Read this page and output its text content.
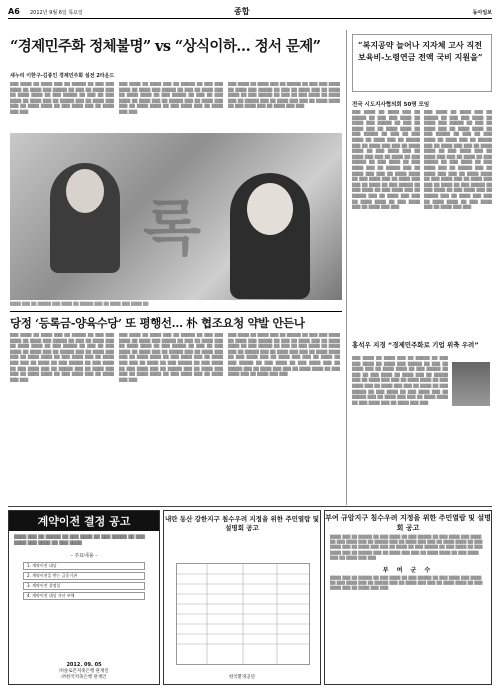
A6 2012년 9월 6일 목요일	종합	동아일보
“경제민주화 정체불명” vs “상식이하… 정서 문제”
새누리 이한구-김종인 경제민주화 설전 2라운드
▒▒▒ ▒▒▒▒ ▒▒ ▒▒▒▒ ▒▒▒ ▒▒ ▒▒▒▒▒ ▒▒ ▒▒▒ ▒▒▒ ▒▒▒▒ ▒▒ ▒▒▒▒ ▒▒▒ ▒▒▒▒▒ ▒▒ ▒▒▒ ▒▒ ▒▒▒▒ ▒▒▒ ▒▒ ▒▒▒▒ ▒▒▒▒ ▒▒ ▒▒▒ ▒▒▒▒▒ ▒▒ ▒▒▒ ▒▒ ▒▒▒ ▒▒▒▒ ▒▒ ▒▒▒▒ ▒▒▒ ▒▒ ▒▒▒▒▒ ▒▒▒ ▒▒ ▒▒▒▒ ▒▒▒ ▒▒▒ ▒▒ ▒▒▒▒ ▒▒▒▒ ▒▒ ▒▒▒ ▒▒▒▒ ▒▒▒ ▒▒ ▒▒▒▒ ▒▒▒ ▒▒▒
▒▒▒ ▒▒▒▒ ▒▒ ▒▒▒▒ ▒▒▒ ▒▒ ▒▒▒▒▒ ▒▒ ▒▒▒ ▒▒▒ ▒▒▒▒ ▒▒ ▒▒▒▒ ▒▒▒ ▒▒▒▒▒ ▒▒ ▒▒▒ ▒▒ ▒▒▒▒ ▒▒▒ ▒▒ ▒▒▒▒ ▒▒▒▒ ▒▒ ▒▒▒ ▒▒▒▒▒ ▒▒ ▒▒▒ ▒▒ ▒▒▒ ▒▒▒▒ ▒▒ ▒▒▒▒ ▒▒▒ ▒▒ ▒▒▒▒▒ ▒▒▒ ▒▒ ▒▒▒▒ ▒▒▒ ▒▒▒ ▒▒ ▒▒▒▒ ▒▒▒▒ ▒▒ ▒▒▒ ▒▒▒▒ ▒▒▒ ▒▒ ▒▒▒▒ ▒▒▒ ▒▒▒
▒▒▒ ▒▒▒▒ ▒▒ ▒▒▒▒ ▒▒▒ ▒▒ ▒▒▒▒▒ ▒▒ ▒▒▒ ▒▒▒ ▒▒▒▒ ▒▒ ▒▒▒▒ ▒▒▒ ▒▒▒▒▒ ▒▒ ▒▒▒ ▒▒ ▒▒▒▒ ▒▒▒ ▒▒ ▒▒▒▒ ▒▒▒▒ ▒▒ ▒▒▒ ▒▒▒▒▒ ▒▒ ▒▒▒ ▒▒ ▒▒▒ ▒▒▒▒ ▒▒ ▒▒▒▒ ▒▒▒ ▒▒ ▒▒▒▒▒ ▒▒▒ ▒▒ ▒▒▒▒ ▒▒▒ ▒▒▒ ▒▒ ▒▒▒▒ ▒▒▒▒ ▒▒ ▒▒▒ ▒▒▒▒ ▒▒▒ ▒▒ ▒▒▒▒ ▒▒▒ ▒▒▒
“복지공약 늘어나 지자체 고사 직전 보육비-노령연금 전액 국비 지원을”
전국 시도지사협의회 50명 모임
▒▒▒ ▒▒▒▒ ▒▒ ▒▒▒▒ ▒▒▒ ▒▒ ▒▒▒▒▒ ▒▒ ▒▒▒ ▒▒▒ ▒▒▒▒ ▒▒ ▒▒▒▒ ▒▒▒ ▒▒▒▒▒ ▒▒ ▒▒▒ ▒▒ ▒▒▒▒ ▒▒▒ ▒▒ ▒▒▒▒ ▒▒▒▒ ▒▒ ▒▒▒ ▒▒▒▒▒ ▒▒ ▒▒▒ ▒▒ ▒▒▒ ▒▒▒▒ ▒▒ ▒▒▒▒ ▒▒▒ ▒▒ ▒▒▒▒▒ ▒▒▒ ▒▒ ▒▒▒▒ ▒▒▒ ▒▒▒ ▒▒ ▒▒▒▒ ▒▒▒▒ ▒▒ ▒▒▒ ▒▒▒▒ ▒▒▒ ▒▒ ▒▒▒▒ ▒▒▒ ▒▒▒ ▒▒ ▒▒▒▒ ▒▒ ▒▒▒ ▒▒▒▒▒ ▒▒ ▒▒▒ ▒▒▒▒ ▒▒ ▒▒▒ ▒▒▒▒ ▒▒▒ ▒▒ ▒▒▒▒▒ ▒▒▒ ▒▒ ▒▒▒▒ ▒▒▒ ▒▒▒ ▒▒ ▒▒▒▒ ▒▒▒▒ ▒▒ ▒▒▒ ▒▒▒▒ ▒▒▒ ▒▒ ▒▒▒▒ ▒▒▒ ▒▒▒ ▒▒ ▒▒▒▒ ▒▒ ▒▒▒ ▒▒▒▒▒ ▒▒ ▒▒▒ ▒▒▒▒ ▒▒ ▒▒▒ ▒▒▒▒ ▒▒▒ ▒▒ ▒▒▒▒▒ ▒▒▒ ▒▒ ▒▒▒▒ ▒▒▒ ▒▒▒ ▒▒ ▒▒▒▒ ▒▒▒▒ ▒▒ ▒▒▒ ▒▒▒▒ ▒▒▒ ▒▒ ▒▒▒▒ ▒▒▒ ▒▒▒
▒▒▒ ▒▒▒▒ ▒▒ ▒▒▒▒ ▒▒▒ ▒▒ ▒▒▒▒▒ ▒▒ ▒▒▒ ▒▒▒ ▒▒▒▒ ▒▒ ▒▒▒▒ ▒▒▒ ▒▒▒▒▒ ▒▒ ▒▒▒ ▒▒ ▒▒▒▒ ▒▒▒ ▒▒ ▒▒▒▒ ▒▒▒▒ ▒▒ ▒▒▒ ▒▒▒▒▒ ▒▒ ▒▒▒ ▒▒ ▒▒▒ ▒▒▒▒ ▒▒ ▒▒▒▒ ▒▒▒ ▒▒ ▒▒▒▒▒ ▒▒▒ ▒▒ ▒▒▒▒ ▒▒▒ ▒▒▒ ▒▒ ▒▒▒▒ ▒▒▒▒ ▒▒ ▒▒▒ ▒▒▒▒ ▒▒▒ ▒▒ ▒▒▒▒ ▒▒▒ ▒▒▒ ▒▒ ▒▒▒▒ ▒▒ ▒▒▒ ▒▒▒▒▒ ▒▒ ▒▒▒ ▒▒▒▒ ▒▒ ▒▒▒ ▒▒▒▒ ▒▒▒ ▒▒ ▒▒▒▒▒ ▒▒▒ ▒▒ ▒▒▒▒ ▒▒▒ ▒▒▒ ▒▒ ▒▒▒▒ ▒▒▒▒ ▒▒ ▒▒▒ ▒▒▒▒ ▒▒▒ ▒▒ ▒▒▒▒ ▒▒▒ ▒▒▒ ▒▒ ▒▒▒▒ ▒▒ ▒▒▒ ▒▒▒▒▒ ▒▒ ▒▒▒ ▒▒▒▒ ▒▒ ▒▒▒ ▒▒▒▒ ▒▒▒ ▒▒ ▒▒▒▒▒ ▒▒▒ ▒▒ ▒▒▒▒ ▒▒▒ ▒▒▒ ▒▒ ▒▒▒▒ ▒▒▒▒ ▒▒ ▒▒▒ ▒▒▒▒ ▒▒▒ ▒▒ ▒▒▒▒ ▒▒▒ ▒▒▒
록
▒▒▒▒ ▒▒▒ ▒▒ ▒▒▒▒▒ ▒▒▒ ▒▒▒▒ ▒▒ ▒▒▒▒▒ ▒▒▒ ▒▒ ▒▒▒▒ ▒▒▒ ▒▒▒▒ ▒▒
당정 ‘등록금-양육수당’ 또 평행선… 朴 협조요청 약발 안든나
▒▒▒ ▒▒▒▒ ▒▒ ▒▒▒▒ ▒▒▒ ▒▒ ▒▒▒▒▒ ▒▒ ▒▒▒ ▒▒▒ ▒▒▒▒ ▒▒ ▒▒▒▒ ▒▒▒ ▒▒▒▒▒ ▒▒ ▒▒▒ ▒▒ ▒▒▒▒ ▒▒▒ ▒▒ ▒▒▒▒ ▒▒▒▒ ▒▒ ▒▒▒ ▒▒▒▒▒ ▒▒ ▒▒▒ ▒▒ ▒▒▒ ▒▒▒▒ ▒▒ ▒▒▒▒ ▒▒▒ ▒▒ ▒▒▒▒▒ ▒▒▒ ▒▒ ▒▒▒▒ ▒▒▒ ▒▒▒ ▒▒ ▒▒▒▒ ▒▒▒▒ ▒▒ ▒▒▒ ▒▒▒▒ ▒▒▒ ▒▒ ▒▒▒▒ ▒▒▒ ▒▒▒ ▒▒ ▒▒▒▒ ▒▒ ▒▒▒ ▒▒▒▒▒ ▒▒ ▒▒▒ ▒▒▒▒ ▒▒ ▒▒▒ ▒▒▒▒ ▒▒▒ ▒▒ ▒▒▒▒▒ ▒▒▒ ▒▒ ▒▒▒▒ ▒▒▒ ▒▒▒ ▒▒ ▒▒▒▒ ▒▒▒▒ ▒▒ ▒▒▒ ▒▒▒▒ ▒▒▒ ▒▒ ▒▒▒▒ ▒▒▒ ▒▒▒
▒▒▒ ▒▒▒▒ ▒▒ ▒▒▒▒ ▒▒▒ ▒▒ ▒▒▒▒▒ ▒▒ ▒▒▒ ▒▒▒ ▒▒▒▒ ▒▒ ▒▒▒▒ ▒▒▒ ▒▒▒▒▒ ▒▒ ▒▒▒ ▒▒ ▒▒▒▒ ▒▒▒ ▒▒ ▒▒▒▒ ▒▒▒▒ ▒▒ ▒▒▒ ▒▒▒▒▒ ▒▒ ▒▒▒ ▒▒ ▒▒▒ ▒▒▒▒ ▒▒ ▒▒▒▒ ▒▒▒ ▒▒ ▒▒▒▒▒ ▒▒▒ ▒▒ ▒▒▒▒ ▒▒▒ ▒▒▒ ▒▒ ▒▒▒▒ ▒▒▒▒ ▒▒ ▒▒▒ ▒▒▒▒ ▒▒▒ ▒▒ ▒▒▒▒ ▒▒▒ ▒▒▒ ▒▒ ▒▒▒▒ ▒▒ ▒▒▒ ▒▒▒▒▒ ▒▒ ▒▒▒ ▒▒▒▒ ▒▒ ▒▒▒ ▒▒▒▒ ▒▒▒ ▒▒ ▒▒▒▒▒ ▒▒▒ ▒▒ ▒▒▒▒ ▒▒▒ ▒▒▒ ▒▒ ▒▒▒▒ ▒▒▒▒ ▒▒ ▒▒▒ ▒▒▒▒ ▒▒▒ ▒▒ ▒▒▒▒ ▒▒▒ ▒▒▒
▒▒▒ ▒▒▒▒ ▒▒ ▒▒▒▒ ▒▒▒ ▒▒ ▒▒▒▒▒ ▒▒ ▒▒▒ ▒▒▒ ▒▒▒▒ ▒▒ ▒▒▒▒ ▒▒▒ ▒▒▒▒▒ ▒▒ ▒▒▒ ▒▒ ▒▒▒▒ ▒▒▒ ▒▒ ▒▒▒▒ ▒▒▒▒ ▒▒ ▒▒▒ ▒▒▒▒▒ ▒▒ ▒▒▒ ▒▒ ▒▒▒ ▒▒▒▒ ▒▒ ▒▒▒▒ ▒▒▒ ▒▒ ▒▒▒▒▒ ▒▒▒ ▒▒ ▒▒▒▒ ▒▒▒ ▒▒▒ ▒▒ ▒▒▒▒ ▒▒▒▒ ▒▒ ▒▒▒ ▒▒▒▒ ▒▒▒ ▒▒ ▒▒▒▒ ▒▒▒ ▒▒▒ ▒▒ ▒▒▒▒ ▒▒ ▒▒▒ ▒▒▒▒▒ ▒▒ ▒▒▒ ▒▒▒▒ ▒▒ ▒▒▒ ▒▒▒▒ ▒▒▒ ▒▒ ▒▒▒▒▒ ▒▒▒ ▒▒ ▒▒▒▒ ▒▒▒ ▒▒▒ ▒▒ ▒▒▒▒ ▒▒▒▒ ▒▒ ▒▒▒ ▒▒▒▒ ▒▒▒ ▒▒ ▒▒▒▒ ▒▒▒ ▒▒▒
홍석우 지경 “경제민주화로 기업 위축 우려”
▒▒▒ ▒▒▒▒ ▒▒ ▒▒▒▒ ▒▒▒ ▒▒ ▒▒▒▒▒ ▒▒ ▒▒▒ ▒▒▒ ▒▒▒▒ ▒▒ ▒▒▒▒ ▒▒▒ ▒▒▒▒▒ ▒▒ ▒▒▒ ▒▒ ▒▒▒▒ ▒▒▒ ▒▒ ▒▒▒▒ ▒▒▒▒ ▒▒ ▒▒▒ ▒▒▒▒▒ ▒▒ ▒▒▒ ▒▒ ▒▒▒ ▒▒▒▒ ▒▒ ▒▒▒▒ ▒▒▒ ▒▒ ▒▒▒▒▒ ▒▒▒ ▒▒ ▒▒▒▒ ▒▒▒ ▒▒▒ ▒▒ ▒▒▒▒ ▒▒▒▒ ▒▒ ▒▒▒ ▒▒▒▒ ▒▒▒ ▒▒ ▒▒▒▒ ▒▒▒ ▒▒▒ ▒▒ ▒▒▒▒ ▒▒ ▒▒▒ ▒▒▒▒▒ ▒▒ ▒▒▒ ▒▒▒▒ ▒▒ ▒▒▒ ▒▒▒▒ ▒▒▒ ▒▒ ▒▒▒▒▒ ▒▒▒ ▒▒ ▒▒▒▒ ▒▒▒ ▒▒▒ ▒▒ ▒▒▒▒ ▒▒▒▒ ▒▒ ▒▒▒ ▒▒▒▒ ▒▒▒ ▒▒ ▒▒▒▒ ▒▒▒ ▒▒▒
계약이전 결정 공고
▒▒▒▒ ▒▒▒ ▒▒ ▒▒▒▒▒ ▒▒ ▒▒▒ ▒▒▒▒ ▒▒ ▒▒▒ ▒▒▒▒▒ ▒▒ ▒▒▒ ▒▒▒▒ ▒▒▒ ▒▒▒▒ ▒▒ ▒▒▒ ▒▒▒▒
- 주요내용 -
1. 계약이전 대상
2. 계약이전을 받는 금융기관
3. 계약이전 결정일
4. 계약이전 대상 자산 부채
2012. 09. 05
㈜솔로몬저축은행 관재인
㈜한국저축은행 관재인
내란 동산 강한지구 침수우려 지정을 위한 주민열람 및 설명회 공고
한국환경공단
부여 규암지구 침수우려 지정을 위한 주민열람 및 설명회 공고
▒▒▒▒ ▒▒▒ ▒▒ ▒▒▒▒▒ ▒▒ ▒▒▒ ▒▒▒▒ ▒▒ ▒▒▒ ▒▒▒▒▒ ▒▒ ▒▒▒ ▒▒▒▒ ▒▒▒ ▒▒▒▒ ▒▒ ▒▒▒ ▒▒▒▒ ▒▒▒ ▒▒ ▒▒▒▒▒ ▒▒▒ ▒▒ ▒▒▒▒ ▒▒▒ ▒▒▒ ▒▒ ▒▒▒▒ ▒▒▒▒ ▒▒ ▒▒▒ ▒▒▒▒ ▒▒▒ ▒▒ ▒▒▒▒ ▒▒▒ ▒▒▒ ▒▒ ▒▒▒▒ ▒▒ ▒▒▒ ▒▒▒▒▒ ▒▒ ▒▒▒ ▒▒▒▒ ▒▒ ▒▒▒ ▒▒▒▒ ▒▒▒ ▒▒ ▒▒▒▒▒ ▒▒▒ ▒▒ ▒▒▒▒ ▒▒▒ ▒▒▒ ▒▒ ▒▒▒▒ ▒▒▒▒ ▒▒ ▒▒▒ ▒▒▒▒ ▒▒▒ ▒▒ ▒▒▒▒ ▒▒▒ ▒▒▒
부 여 군 수
▒▒▒▒ ▒▒▒ ▒▒ ▒▒▒▒▒ ▒▒ ▒▒▒ ▒▒▒▒ ▒▒ ▒▒▒ ▒▒▒▒▒ ▒▒ ▒▒▒ ▒▒▒▒ ▒▒▒ ▒▒▒▒ ▒▒ ▒▒▒ ▒▒▒▒ ▒▒▒ ▒▒ ▒▒▒▒▒ ▒▒▒ ▒▒ ▒▒▒▒ ▒▒▒ ▒▒▒ ▒▒ ▒▒▒▒ ▒▒▒▒ ▒▒ ▒▒▒ ▒▒▒▒ ▒▒▒ ▒▒ ▒▒▒▒ ▒▒▒ ▒▒▒
